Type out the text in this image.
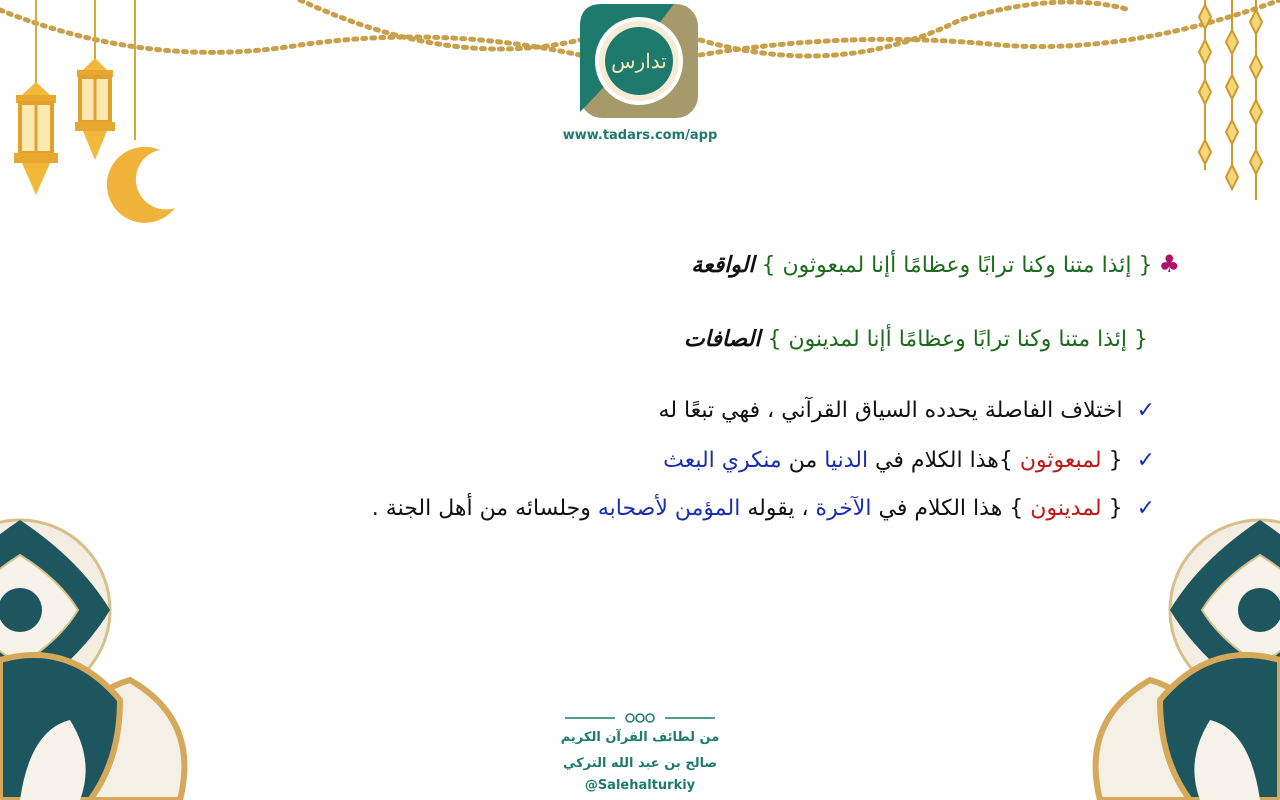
تدارس
www.tadars.com/app
♣{ إئذا متنا وكنا ترابًا وعظامًا أإنا لمبعوثون } الواقعة
{ إئذا متنا وكنا ترابًا وعظامًا أإنا لمدينون } الصافات
✓اختلاف الفاصلة يحدده السياق القرآني ، فهي تبعًا له
✓{ لمبعوثون }هذا الكلام في الدنيا من منكري البعث
✓{ لمدينون } هذا الكلام في الآخرة ، يقوله المؤمن لأصحابه وجلسائه من أهل الجنة .
من لطائف القرآن الكريم
صالح بن عبد الله التركي
@Salehalturkiy
